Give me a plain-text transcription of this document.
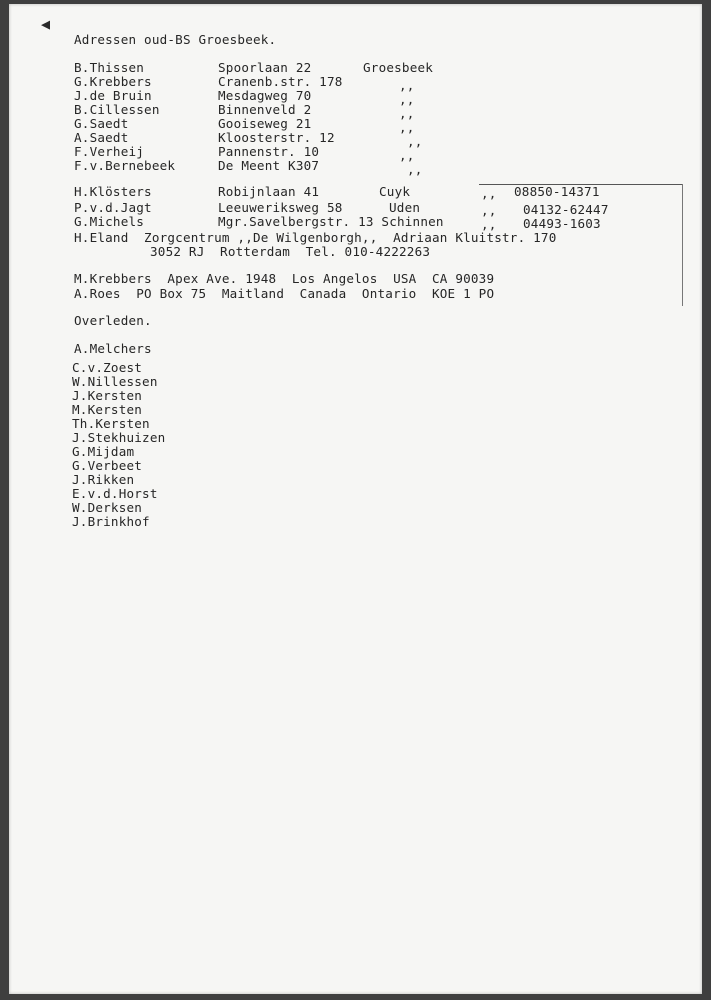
◀
Adressen oud-BS Groesbeek.
B.Thissen	Spoorlaan 22	Groesbeek
G.Krebbers	Cranenb.str. 178	,,
J.de Bruin	Mesdagweg 70	,,
B.Cillessen	Binnenveld 2	,,
G.Saedt	Gooiseweg 21	,,
A.Saedt	Kloosterstr. 12	,,
F.Verheij	Pannenstr. 10	,,
F.v.Bernebeek	De Meent K307	,,
H.Klösters	Robijnlaan 41	Cuyk	,, 08850-14371
P.v.d.Jagt	Leeuweriksweg 58	Uden	,, 04132-62447
G.Michels	Mgr.Savelbergstr. 13 Schinnen	,, 04493-1603
H.Eland  Zorgcentrum ,,De Wilgenborgh,,  Adriaan Kluitstr. 170
3052 RJ  Rotterdam  Tel. 010-4222263
M.Krebbers  Apex Ave. 1948  Los Angelos  USA  CA 90039
A.Roes  PO Box 75  Maitland  Canada  Ontario  KOE 1 PO
Overleden.
A.Melchers
C.v.Zoest
W.Nillessen
J.Kersten
M.Kersten
Th.Kersten
J.Stekhuizen
G.Mijdam
G.Verbeet
J.Rikken
E.v.d.Horst
W.Derksen
J.Brinkhof
